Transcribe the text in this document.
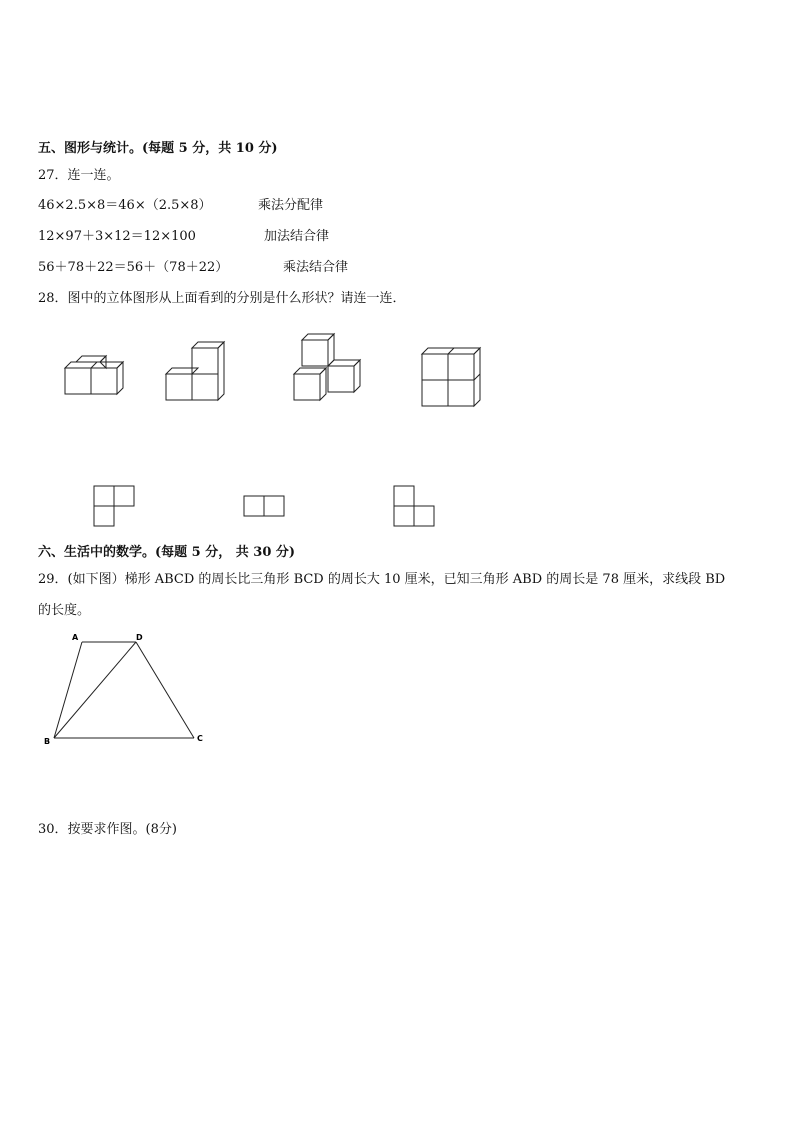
五、图形与统计。(每题 5 分，共 10 分)
27．连一连。
46×2.5×8＝46×（2.5×8）	乘法分配律
12×97＋3×12＝12×100	加法结合律
56＋78＋22＝56＋（78＋22）	乘法结合律
28．图中的立体图形从上面看到的分别是什么形状？请连一连．
六、生活中的数学。(每题 5 分， 共 30 分)
29．(如下图）梯形 ABCD 的周长比三角形 BCD 的周长大 10 厘米，已知三角形 ABD 的周长是 78 厘米，求线段 BD
的长度。
A	D
B	C
30．按要求作图。(8分)
